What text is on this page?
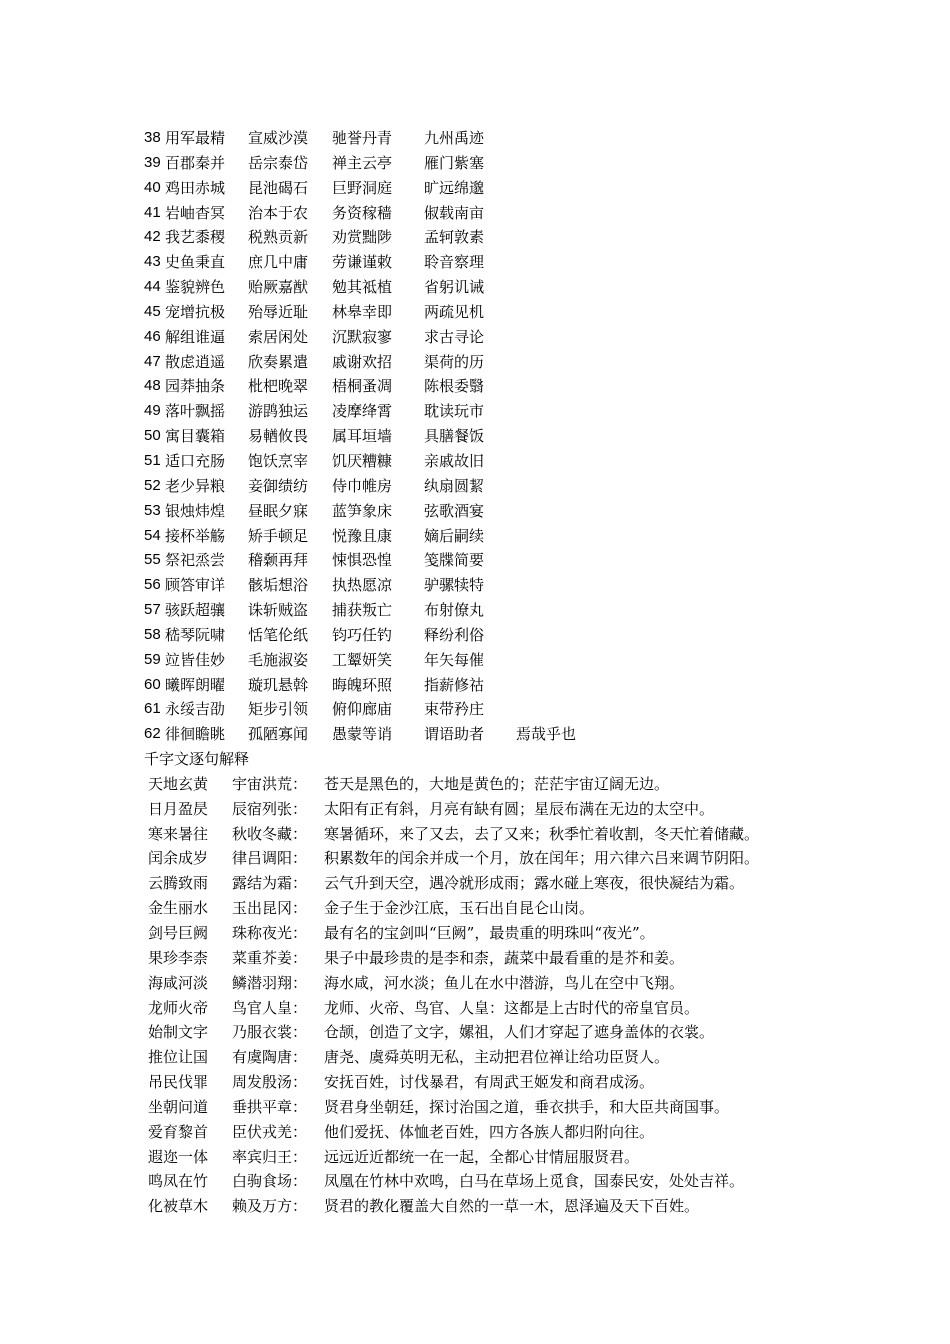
38 用军最精 宣威沙漠 驰誉丹青 九州禹迹
39 百郡秦并 岳宗泰岱 禅主云亭 雁门紫塞
40 鸡田赤城 昆池碣石 巨野洞庭 旷远绵邈
41 岩岫杳冥 治本于农 务资稼穑 俶载南亩
42 我艺黍稷 税熟贡新 劝赏黜陟 孟轲敦素
43 史鱼秉直 庶几中庸 劳谦谨敕 聆音察理
44 鉴貌辨色 贻厥嘉猷 勉其祗植 省躬讥诫
45 宠增抗极 殆辱近耻 林皋幸即 两疏见机
46 解组谁逼 索居闲处 沉默寂寥 求古寻论
47 散虑逍遥 欣奏累遣 戚谢欢招 渠荷的历
48 园莽抽条 枇杷晚翠 梧桐蚤凋 陈根委翳
49 落叶飘摇 游鹍独运 凌摩绛霄 耽读玩市
50 寓目囊箱 易輶攸畏 属耳垣墙 具膳餐饭
51 适口充肠 饱饫烹宰 饥厌糟糠 亲戚故旧
52 老少异粮 妾御绩纺 侍巾帷房 纨扇圆絜
53 银烛炜煌 昼眠夕寐 蓝笋象床 弦歌酒宴
54 接杯举觞 矫手顿足 悦豫且康 嫡后嗣续
55 祭祀烝尝 稽颡再拜 悚惧恐惶 笺牒简要
56 顾答审详 骸垢想浴 执热愿凉 驴骡犊特
57 骇跃超骧 诛斩贼盗 捕获叛亡 布射僚丸
58 嵇琴阮啸 恬笔伦纸 钧巧任钓 释纷利俗
59 竝皆佳妙 毛施淑姿 工颦妍笑 年矢每催
60 曦晖朗曜 璇玑悬斡 晦魄环照 指薪修祜
61 永绥吉劭 矩步引领 俯仰廊庙 束带矜庄
62 徘徊瞻眺 孤陋寡闻 愚蒙等诮 谓语助者 焉哉乎也
千字文逐句解释
天地玄黄 宇宙洪荒： 苍天是黑色的，大地是黄色的；茫茫宇宙辽阔无边。
日月盈昃 辰宿列张： 太阳有正有斜，月亮有缺有圆；星辰布满在无边的太空中。
寒来暑往 秋收冬藏： 寒暑循环，来了又去，去了又来；秋季忙着收割，冬天忙着储藏。
闰余成岁 律吕调阳： 积累数年的闰余并成一个月，放在闰年；用六律六吕来调节阴阳。
云腾致雨 露结为霜： 云气升到天空，遇冷就形成雨；露水碰上寒夜，很快凝结为霜。
金生丽水 玉出昆冈： 金子生于金沙江底，玉石出自昆仑山岗。
剑号巨阙 珠称夜光： 最有名的宝剑叫“巨阙”，最贵重的明珠叫“夜光”。
果珍李柰 菜重芥姜： 果子中最珍贵的是李和柰，蔬菜中最看重的是芥和姜。
海咸河淡 鳞潜羽翔： 海水咸，河水淡；鱼儿在水中潜游，鸟儿在空中飞翔。
龙师火帝 鸟官人皇： 龙师、火帝、鸟官、人皇：这都是上古时代的帝皇官员。
始制文字 乃服衣裳： 仓颉，创造了文字，嫘祖，人们才穿起了遮身盖体的衣裳。
推位让国 有虞陶唐： 唐尧、虞舜英明无私，主动把君位禅让给功臣贤人。
吊民伐罪 周发殷汤： 安抚百姓，讨伐暴君，有周武王姬发和商君成汤。
坐朝问道 垂拱平章： 贤君身坐朝廷，探讨治国之道，垂衣拱手，和大臣共商国事。
爱育黎首 臣伏戎羌： 他们爱抚、体恤老百姓，四方各族人都归附向往。
遐迩一体 率宾归王： 远远近近都统一在一起，全都心甘情屈服贤君。
鸣凤在竹 白驹食场： 凤凰在竹林中欢鸣，白马在草场上觅食，国泰民安，处处吉祥。
化被草木 赖及万方： 贤君的教化覆盖大自然的一草一木，恩泽遍及天下百姓。
